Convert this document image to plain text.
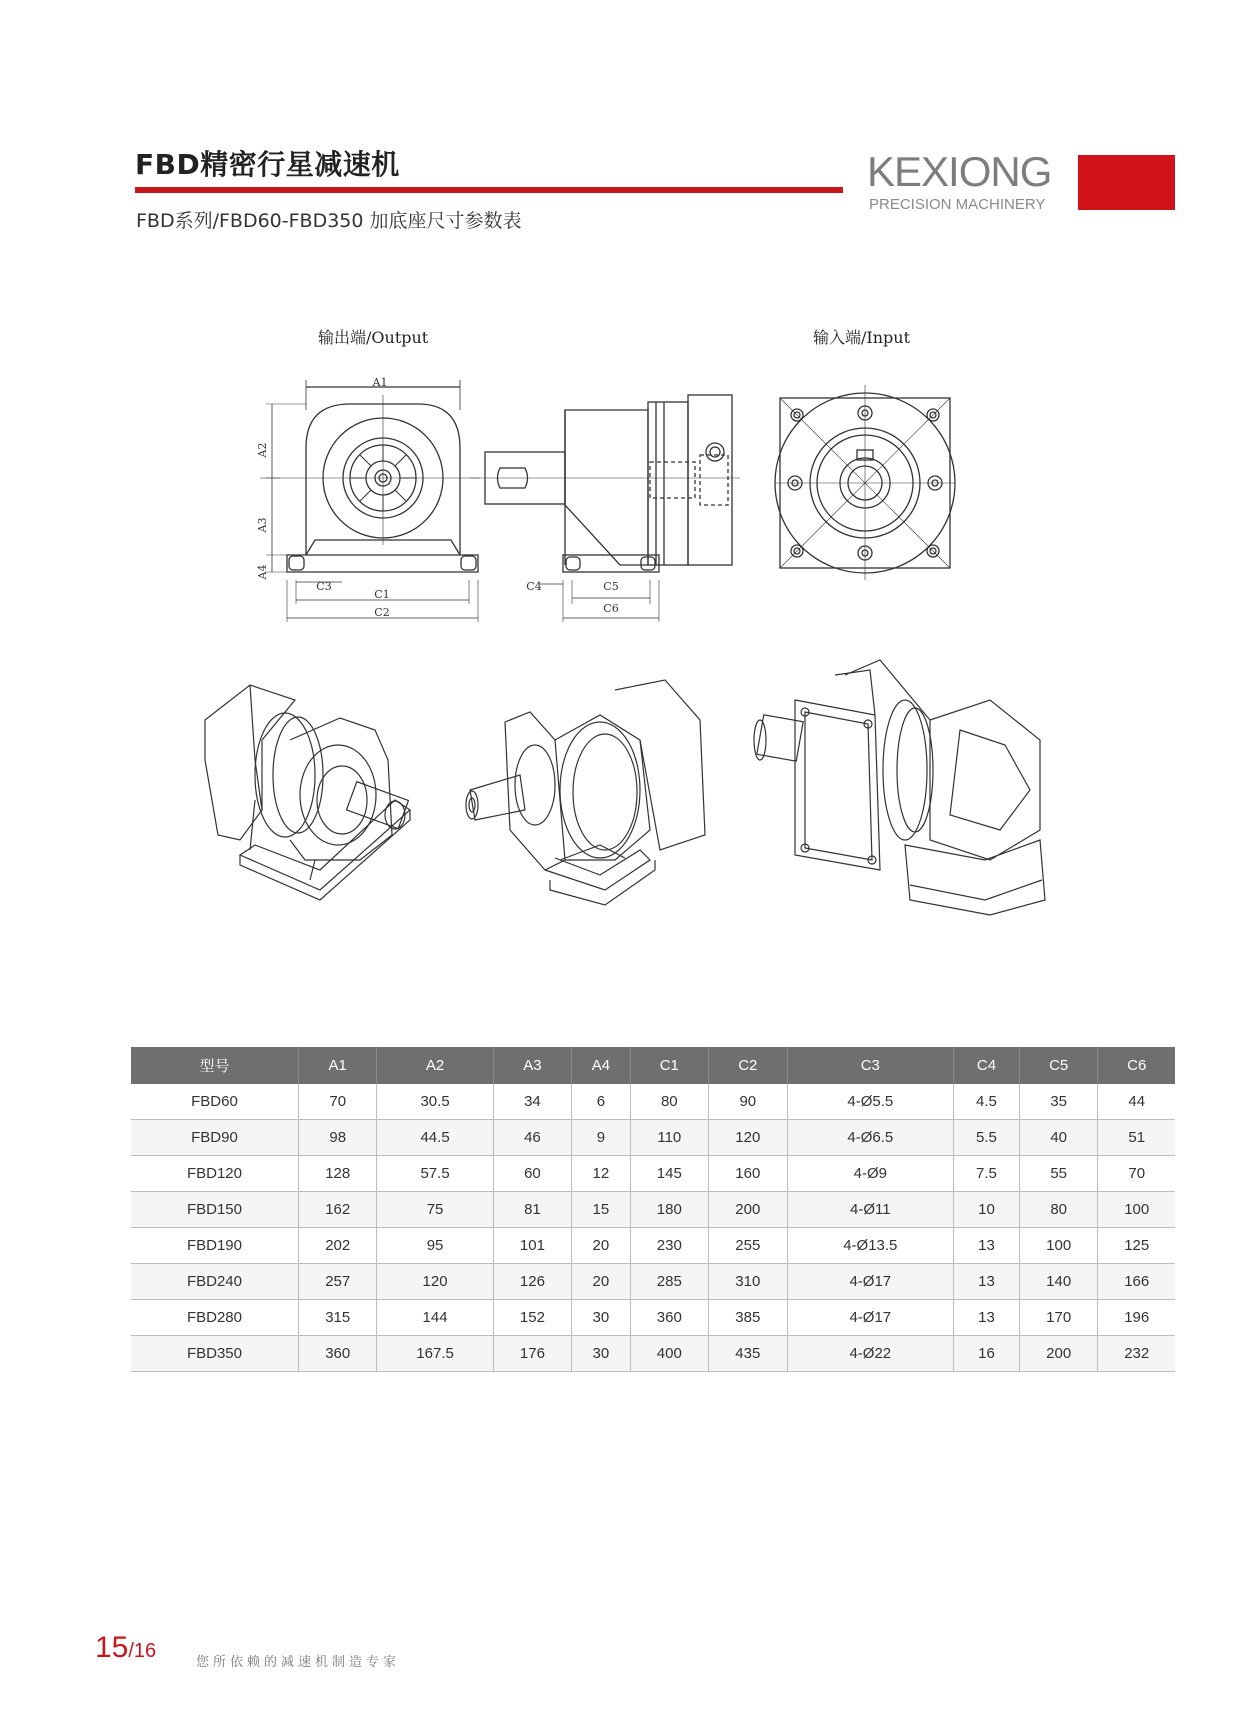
FBD精密行星减速机
FBD系列/FBD60-FBD350 加底座尺寸参数表
KEXIONG
PRECISION MACHINERY
输出端/Output	输入端/Input
A1
A2
A3
A4
C1
C2
C3	C4	C5
C6
型号	A1	A2	A3	A4	C1	C2	C3	C4	C5	C6
FBD60	70	30.5	34	6	80	90	4-Ø5.5	4.5	35	44
FBD90	98	44.5	46	9	110	120	4-Ø6.5	5.5	40	51
FBD120	128	57.5	60	12	145	160	4-Ø9	7.5	55	70
FBD150	162	75	81	15	180	200	4-Ø11	10	80	100
FBD190	202	95	101	20	230	255	4-Ø13.5	13	100	125
FBD240	257	120	126	20	285	310	4-Ø17	13	140	166
FBD280	315	144	152	30	360	385	4-Ø17	13	170	196
FBD350	360	167.5	176	30	400	435	4-Ø22	16	200	232
15/16
您所依赖的减速机制造专家
